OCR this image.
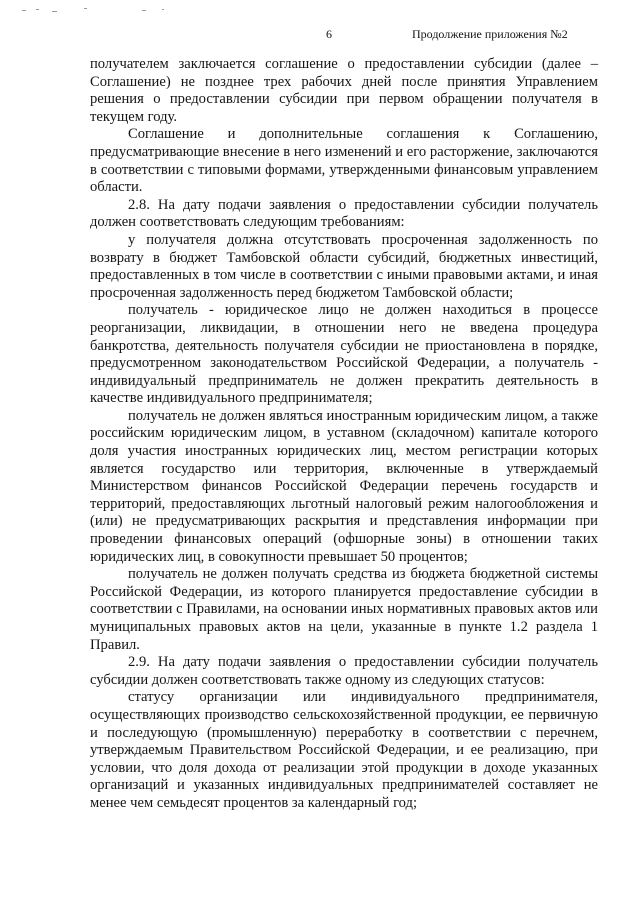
6	Продолжение приложения №2

получателем заключается соглашение о предоставлении субсидии (далее – Соглашение) не позднее трех рабочих дней после принятия Управлением решения о предоставлении субсидии при первом обращении получателя в текущем году.

Соглашение и дополнительные соглашения к Соглашению, предусматривающие внесение в него изменений и его расторжение, заключаются в соответствии с типовыми формами, утвержденными финансовым управлением области.

2.8. На дату подачи заявления о предоставлении субсидии получатель должен соответствовать следующим требованиям:

у получателя должна отсутствовать просроченная задолженность по возврату в бюджет Тамбовской области субсидий, бюджетных инвестиций, предоставленных в том числе в соответствии с иными правовыми актами, и иная просроченная задолженность перед бюджетом Тамбовской области;

получатель - юридическое лицо не должен находиться в процессе реорганизации, ликвидации, в отношении него не введена процедура банкротства, деятельность получателя субсидии не приостановлена в порядке, предусмотренном законодательством Российской Федерации, а получатель - индивидуальный предприниматель не должен прекратить деятельность в качестве индивидуального предпринимателя;

получатель не должен являться иностранным юридическим лицом, а также российским юридическим лицом, в уставном (складочном) капитале которого доля участия иностранных юридических лиц, местом регистрации которых является государство или территория, включенные в утверждаемый Министерством финансов Российской Федерации перечень государств и территорий, предоставляющих льготный налоговый режим налогообложения и (или) не предусматривающих раскрытия и представления информации при проведении финансовых операций (офшорные зоны) в отношении таких юридических лиц, в совокупности превышает 50 процентов;

получатель не должен получать средства из бюджета бюджетной системы Российской Федерации, из которого планируется предоставление субсидии в соответствии с Правилами, на основании иных нормативных правовых актов или муниципальных правовых актов на цели, указанные в пункте 1.2 раздела 1 Правил.

2.9. На дату подачи заявления о предоставлении субсидии получатель субсидии должен соответствовать также одному из следующих статусов:

статусу организации или индивидуального предпринимателя, осуществляющих производство сельскохозяйственной продукции, ее первичную и последующую (промышленную) переработку в соответствии с перечнем, утверждаемым Правительством Российской Федерации, и ее реализацию, при условии, что доля дохода от реализации этой продукции в доходе указанных организаций и указанных индивидуальных предпринимателей составляет не менее чем семьдесят процентов за календарный год;
